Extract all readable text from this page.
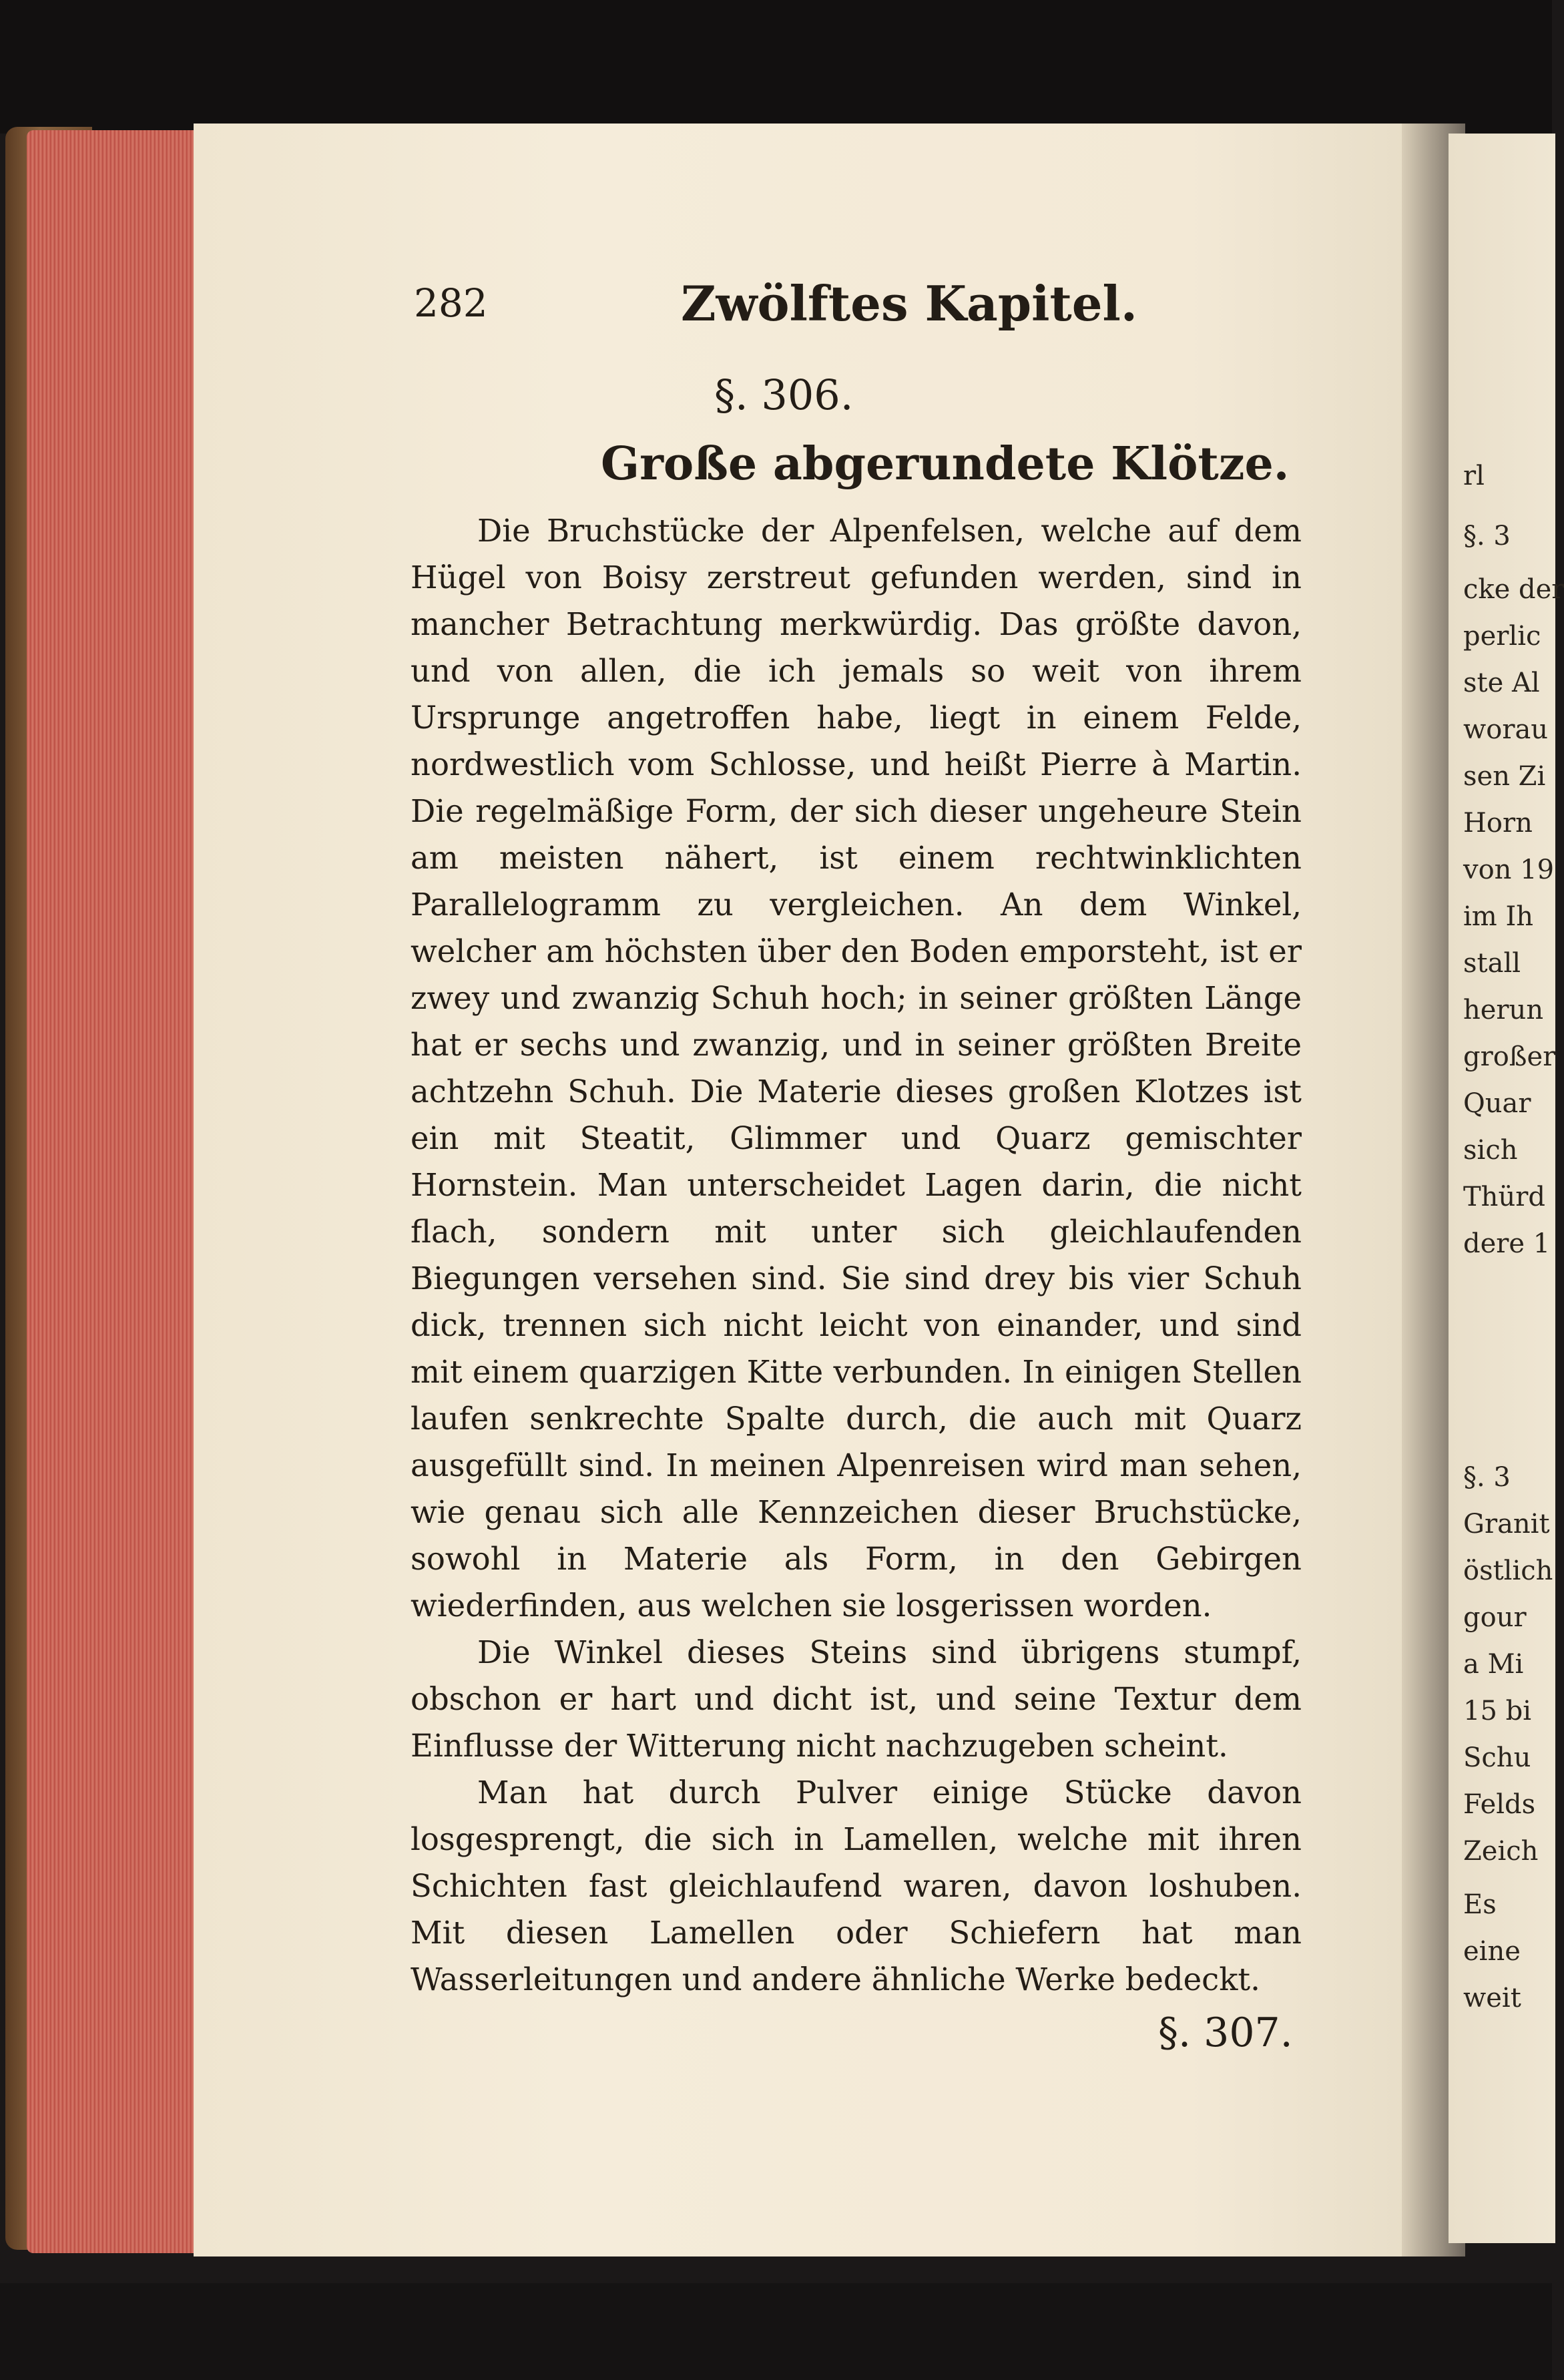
rl
§. 3
cke der
perlic
ste Al
worau
sen Zi
Horn
von 19
im Ih
stall
herun
großer
Quar
sich
Thürd
dere 1
§. 3
Granit
östlich
gour
a Mi
15 bi
Schu
Felds
Zeich
Es
eine
weit
282	Zwölftes Kapitel.
§. 306.
Große abgerundete Klötze.

Die Bruchstücke der Alpenfelsen, welche auf dem Hügel von Boisy zerstreut gefunden werden, sind in mancher Betrachtung merkwürdig. Das größte davon, und von allen, die ich jemals so weit von ihrem Ursprunge angetroffen habe, liegt in einem Felde, nordwestlich vom Schlosse, und heißt Pierre à Martin. Die regelmäßige Form, der sich dieser ungeheure Stein am meisten nähert, ist einem rechtwinklichten Parallelogramm zu vergleichen. An dem Winkel, welcher am höchsten über den Boden emporsteht, ist er zwey und zwanzig Schuh hoch; in seiner größten Länge hat er sechs und zwanzig, und in seiner größten Breite achtzehn Schuh. Die Materie dieses großen Klotzes ist ein mit Steatit, Glimmer und Quarz gemischter Hornstein. Man unterscheidet Lagen darin, die nicht flach, sondern mit unter sich gleichlaufenden Biegungen versehen sind. Sie sind drey bis vier Schuh dick, trennen sich nicht leicht von einander, und sind mit einem quarzigen Kitte verbunden. In einigen Stellen laufen senkrechte Spalte durch, die auch mit Quarz ausgefüllt sind. In meinen Alpenreisen wird man sehen, wie genau sich alle Kennzeichen dieser Bruchstücke, sowohl in Materie als Form, in den Gebirgen wiederfinden, aus welchen sie losgerissen worden.

Die Winkel dieses Steins sind übrigens stumpf, obschon er hart und dicht ist, und seine Textur dem Einflusse der Witterung nicht nachzugeben scheint.

Man hat durch Pulver einige Stücke davon losgesprengt, die sich in Lamellen, welche mit ihren Schichten fast gleichlaufend waren, davon loshuben. Mit diesen Lamellen oder Schiefern hat man Wasserleitungen und andere ähnliche Werke bedeckt.

§. 307.
